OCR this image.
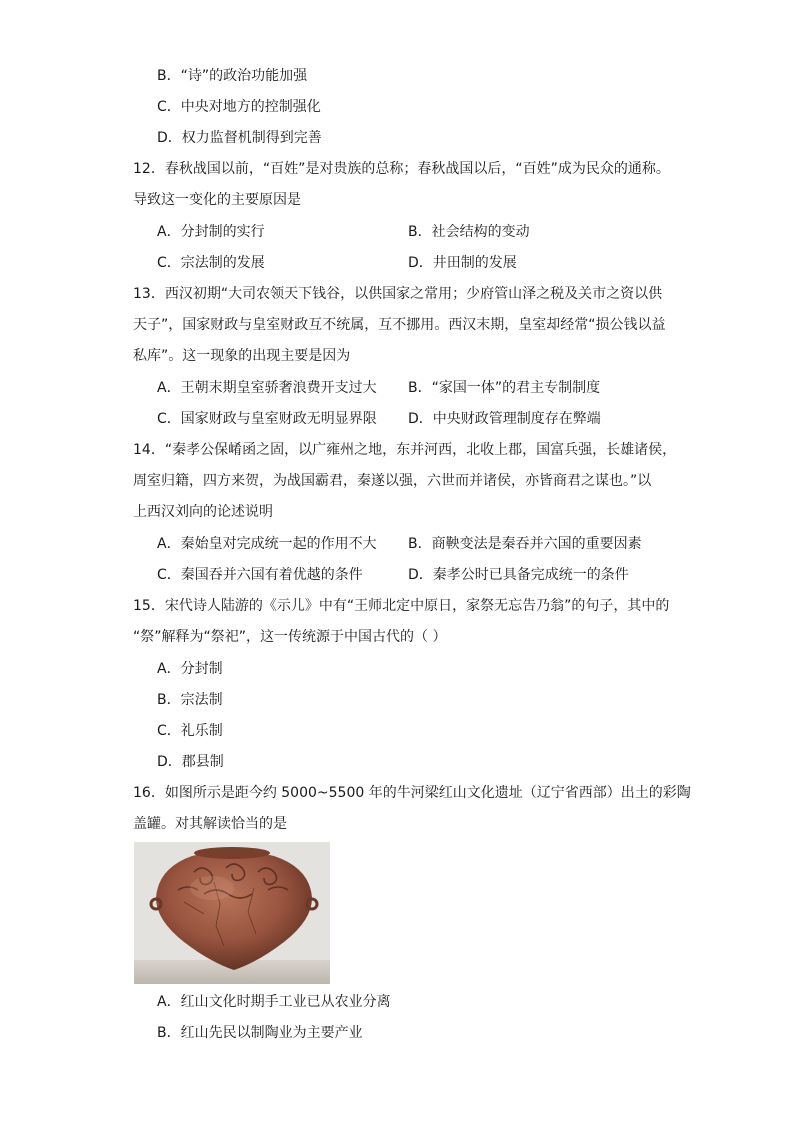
B．“诗”的政治功能加强
C．中央对地方的控制强化
D．权力监督机制得到完善
12．春秋战国以前，“百姓”是对贵族的总称；春秋战国以后，“百姓”成为民众的通称。
导致这一变化的主要原因是
A．分封制的实行	B．社会结构的变动
C．宗法制的发展	D．井田制的发展
13．西汉初期“大司农领天下钱谷，以供国家之常用；少府管山泽之税及关市之资以供
天子”，国家财政与皇室财政互不统属，互不挪用。西汉末期，皇室却经常“损公钱以益
私库”。这一现象的出现主要是因为
A．王朝末期皇室骄奢浪费开支过大 B．“家国一体”的君主专制制度
C．国家财政与皇室财政无明显界限 D．中央财政管理制度存在弊端
14．“秦孝公保崤函之固，以广雍州之地，东并河西，北收上郡，国富兵强，长雄诸侯，
周室归籍，四方来贺，为战国霸君，秦遂以强，六世而并诸侯，亦皆商君之谋也。”以
上西汉刘向的论述说明
A．秦始皇对完成统一起的作用不大 B．商鞅变法是秦吞并六国的重要因素
C．秦国吞并六国有着优越的条件	D．秦孝公时已具备完成统一的条件
15．宋代诗人陆游的《示儿》中有“王师北定中原日，家祭无忘告乃翁”的句子，其中的
“祭”解释为“祭祀”，这一传统源于中国古代的（ ）
A．分封制
B．宗法制
C．礼乐制
D．郡县制
16．如图所示是距今约 5000~5500 年的牛河梁红山文化遗址（辽宁省西部）出土的彩陶
盖罐。对其解读恰当的是
A．红山文化时期手工业已从农业分离
B．红山先民以制陶业为主要产业
